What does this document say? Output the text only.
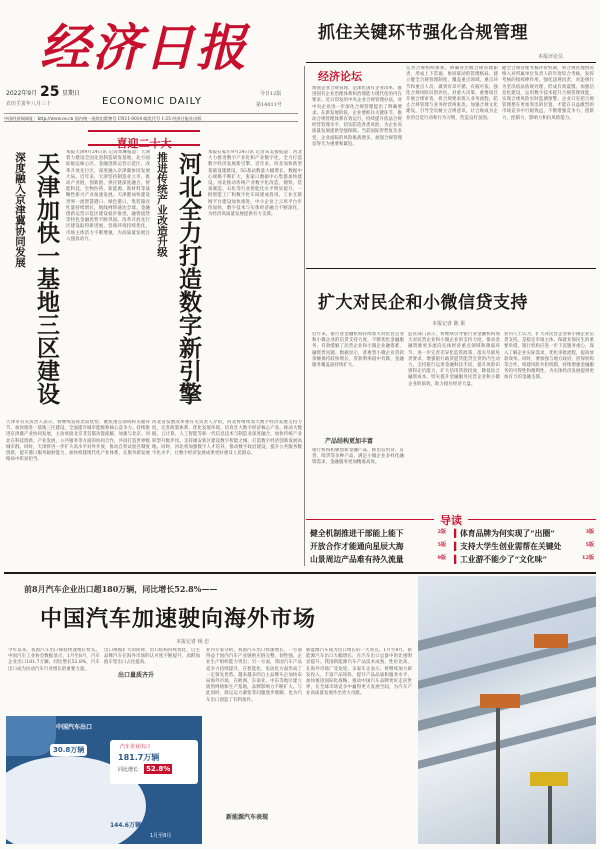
经济日报
2022年9月 25 星期日
农历壬寅年八月三十	ECONOMIC DAILY
今日12版
第14011号
中国经济网网址：http://www.ce.cn 国内统一连续出版物号 CN11-0014 邮发代号 1-25 经济日报社出版
抓住关键环节强化合规管理
本报评论员
经济论坛
加强企业合规管理，是深化国有企业改革、推进国有企业治理体系和治理能力现代化的内在要求。近日印发的中央企业合规管理办法，对中央企业进一步深化合规管理提出了明确要求。在新发展阶段，企业要抓住关键环节，推动合规管理体系有效运行，持续提升依法合规经营管理水平，切实防范各类风险，为企业高质量发展提供坚强保障。当前国际形势复杂多变，企业面临的风险挑战增多，加强合规管理显得尤为重要和紧迫。
完善合规组织体系，明确各层级合规管理职责，形成上下贯通、协同联动的管理格局。建立健全合规管理制度，覆盖重点领域、重点环节和重点人员，做到有章可循、有据可依。强化合规风险识别评估，对重大决策、重要项目开展合规审查，将合规要求嵌入业务流程，防止合规管理与业务经营两张皮。加强合规文化建设，引导全员树立合规意识，让合规成为企业的自觉行动和行为习惯，营造良好氛围。
健全合规管理考核评价机制，将合规管理情况纳入对所属单位负责人的年度综合考核，发挥考核的指挥棒作用。强化违规问责，对违规行为坚决依法依规处理，形成有效震慑。加强信息化建设，运用数字技术提升合规管理效能，实现合规风险实时监测预警。企业只有把合规管理摆在更加突出的位置，才能在日益激烈的市场竞争中行稳致远，不断增强竞争力、创新力、控制力、影响力和抗风险能力。
喜迎二十大
深度融入京津冀协同发展 天津加快一基地三区建设 本报天津9月24日讯 记者周琳报道：天津着力建设全国先进制造研发基地、北方国际航运核心区、金融创新运营示范区、改革开放先行区，深度融入京津冀协同发展大局。近年来，天津坚持制造业立市，推动产业链、创新链、供应链深度融合，智能科技、生物医药、新能源、新材料等战略性新兴产业加速发展。天津港加快建设世界一流智慧港口、绿色港口，集装箱吞吐量持续增长，航线网络通达全球。金融创新运营示范区建设稳步推进，融资租赁等特色金融优势不断巩固。改革开放先行区建设取得新进展，营商环境持续优化，市场主体活力不断增强，为高质量发展注入强劲动力。
天津市有关负责人表示，将继续发挥比较优势，聚焦重点领域和关键环节，加快推进一基地三区建设，全面提升城市能级和核心竞争力。持续推进京津冀产业协同发展，主动承接北京非首都功能疏解，加强与北京、河北在科技创新、产业发展、公共服务等方面的协同合作，共同打造世界级城市群。同时，天津将进一步扩大高水平对外开放，推动自贸试验区制度创新，提升港口服务辐射能力，加快构建现代化产业体系，在服务新发展格局中彰显担当。
推进传统产业改造升级 河北全力打造数字新引擎 本报石家庄9月24日讯 记者宋美倩报道：河北大力推进数字产业化和产业数字化，全力打造数字经济发展新引擎。近年来，河北加快新型基础设施建设，5G基站数量大幅增长，数据中心规模不断扩大，张家口数据中心集群加快建设。河北推动传统产业数字化改造，钢铁、装备制造、石化等行业智能化水平明显提升，一批智能工厂和数字化车间建成投用。工业互联网平台建设加快推进，中小企业上云用平台步伐加快，数字技术与实体经济融合不断深化，为经济高质量发展提供有力支撑。
河北省发展改革委有关负责人介绍，河北将继续加大数字经济发展支持力度，完善政策体系，优化发展环境，培育壮大数字经济核心产业。推动大数据、云计算、人工智能等新一代信息技术与制造业深度融合，加快传统产业转型升级步伐。支持雄安新区建设数字智能之城，打造数字经济创新发展高地。同时，河北将加强数字人才培养，推动数字政府建设，提升公共服务数字化水平，让数字经济发展成果更好惠及人民群众。
扩大对民企和小微信贷支持
本报记者 陈 果
近年来，银行业金融机构持续加大对民营企业和小微企业的信贷支持力度，不断优化金融服务，有效缓解了民营企业和小微企业融资难、融资贵问题。数据显示，普惠型小微企业贷款余额保持较快增长，贷款利率稳中有降，金融服务覆盖面持续扩大。
产品结构更加丰富
银行机构积极创新金融产品，推出信用贷、首贷、续贷等多种产品，满足小微企业多样化融资需求，金融服务更加精准高效。
监管部门表示，将继续引导银行业金融机构加大对民营企业和小微企业的支持力度，推动金融资源更多流向实体经济重点领域和薄弱环节。进一步完善差异化监管政策，落实尽职免责要求，增强银行敢贷愿贷能贷会贷的内生动力。支持银行运用金融科技手段，提升风险识别和定价能力，扩大信用贷款投放，降低综合融资成本，切实提升金融服务民营企业和小微企业的质效，助力稳住经济大盘。
业内人士认为，扩大对民营企业和小微企业信贷支持，是稳定市场主体、保就业保民生的重要举措。银行机构应进一步下沉服务重心，深入了解企业实际需求，优化审批流程，提高放款效率。同时，要加强与地方政府、担保机构等合作，构建风险共担机制，持续增强金融服务的可得性和便利性，为实体经济发展提供更加有力的金融支撑。
导读
健全机制推进干部能上能下	2版
开放合作才能通向星辰大海	5版
山景周边产品难有持久流量	9版
▍体育品牌为何实现了“出圈”	3版
▍支持大学生创业需帮在关键处	5版
▍工业游不能少了“文化味”	12版
前8月汽车企业出口超180万辆，同比增长52.8%——
中国汽车加速驶向海外市场
本报记者 杨 忠
今年以来，我国汽车出口保持快速增长势头。中国汽车工业协会数据显示，1月至8月，汽车企业出口181.7万辆，同比增长52.8%，汽车出口成为拉动汽车行业增长的重要力量。
出口量质齐升
出口规模扩大的同时，出口结构持续优化，自主品牌汽车在海外市场的认可度不断提升，高附加值车型出口占比提高。
业内专家分析，我国汽车出口快速增长，一方面得益于国内汽车产业链供应链完整、韧性强，企业生产组织能力突出；另一方面，我国汽车产品竞争力持续提升，在智能化、电动化方面形成了一定领先优势。越来越多的自主品牌车企加快布局海外市场，在欧洲、东南亚、中东等地区建立销售网络和生产基地，品牌影响力不断扩大。与此同时，海运运力紧张等问题逐步缓解，也为汽车出口创造了有利条件。
新能源汽车表现
新能源汽车成为出口增长的一大亮点。1月至8月，新能源汽车出口大幅增长，在汽车出口总量中的比重明显提升。我国新能源汽车产品技术成熟、性价比高，在海外市场广受欢迎。多家车企表示，将继续加大研发投入，丰富产品矩阵，提升产品品质和服务水平，加快推进国际化战略，推动中国汽车品牌更好走向世界，在全球市场竞争中赢得更大发展空间，为汽车产业高质量发展作出更大贡献。
中国汽车出口
30.8万辆	汽车企业出口
181.7万辆
同比增长 52.8%
144.6万辆	37.1万辆
1月至8月
